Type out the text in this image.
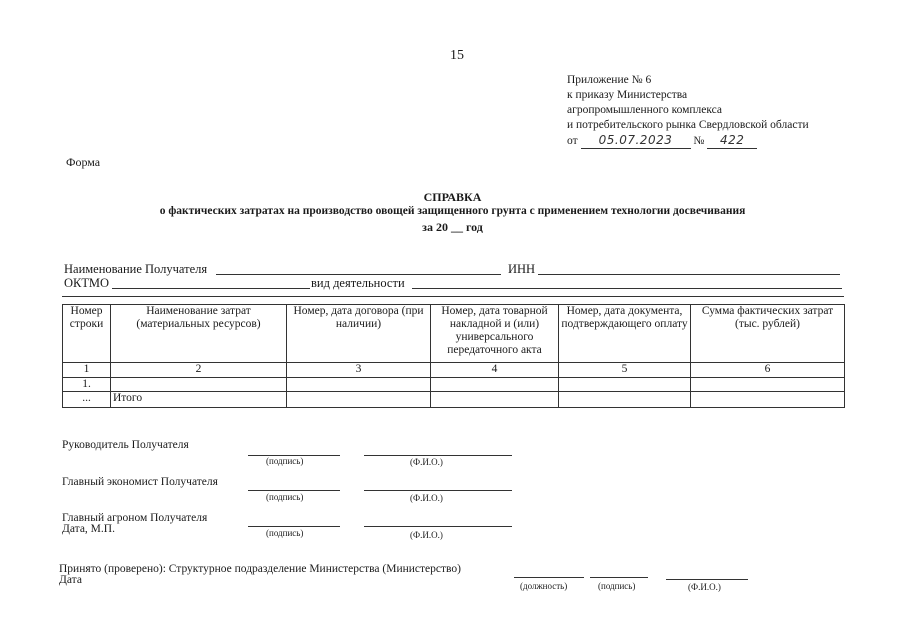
15
Приложение № 6
к приказу Министерства
агропромышленного комплекса
и потребительского рынка Свердловской области
от 05.07.2023 № 422
Форма
СПРАВКА
о фактических затратах на производство овощей защищенного грунта с применением технологии досвечивания
за 20 __ год
Наименование Получателя	ИНН
ОКТМО	вид деятельности
Номер строки	Наименование затрат (материальных ресурсов)	Номер, дата договора (при наличии)	Номер, дата товарной накладной и (или) универсального передаточного акта	Номер, дата документа, подтверждающего оплату	Сумма фактических затрат (тыс. рублей)
1	2	3	4	5	6
1.					
...	Итого				
Руководитель Получателя
(подпись)	(Ф.И.О.)
Главный экономист Получателя
(подпись)	(Ф.И.О.)
Главный агроном Получателя
Дата, М.П.	(подпись)	(Ф.И.О.)
Принято (проверено): Структурное подразделение Министерства (Министерство)
Дата	(должность)	(подпись)	(Ф.И.О.)
